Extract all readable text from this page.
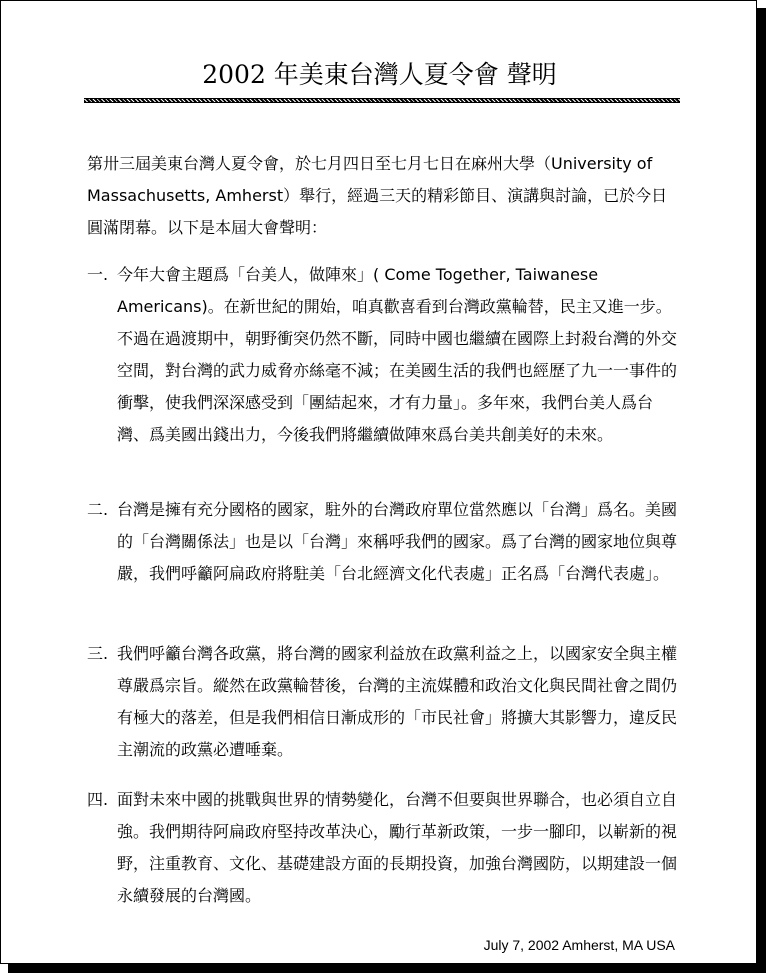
2002 年美東台灣人夏令會 聲明

第卅三屆美東台灣人夏令會，於七月四日至七月七日在麻州大學（University of Massachusetts, Amherst）舉行，經過三天的精彩節目、演講與討論，已於今日圓滿閉幕。以下是本屆大會聲明：

一. 今年大會主題爲「台美人，做陣來」( Come Together, Taiwanese Americans)。在新世紀的開始，咱真歡喜看到台灣政黨輪替，民主又進一步。不過在過渡期中，朝野衝突仍然不斷，同時中國也繼續在國際上封殺台灣的外交空間，對台灣的武力威脅亦絲毫不減；在美國生活的我們也經歷了九一一事件的衝擊，使我們深深感受到「團結起來，才有力量」。多年來，我們台美人爲台灣、爲美國出錢出力，今後我們將繼續做陣來爲台美共創美好的未來。
二. 台灣是擁有充分國格的國家，駐外的台灣政府單位當然應以「台灣」爲名。美國的「台灣關係法」也是以「台灣」來稱呼我們的國家。爲了台灣的國家地位與尊嚴，我們呼籲阿扁政府將駐美「台北經濟文化代表處」正名爲「台灣代表處」。
三. 我們呼籲台灣各政黨，將台灣的國家利益放在政黨利益之上，以國家安全與主權尊嚴爲宗旨。縱然在政黨輪替後，台灣的主流媒體和政治文化與民間社會之間仍有極大的落差，但是我們相信日漸成形的「市民社會」將擴大其影響力，違反民主潮流的政黨必遭唾棄。
四. 面對未來中國的挑戰與世界的情勢變化，台灣不但要與世界聯合，也必須自立自強。我們期待阿扁政府堅持改革決心，勵行革新政策，一步一腳印，以嶄新的視野，注重教育、文化、基礎建設方面的長期投資，加強台灣國防，以期建設一個永續發展的台灣國。
July 7, 2002 Amherst, MA USA
